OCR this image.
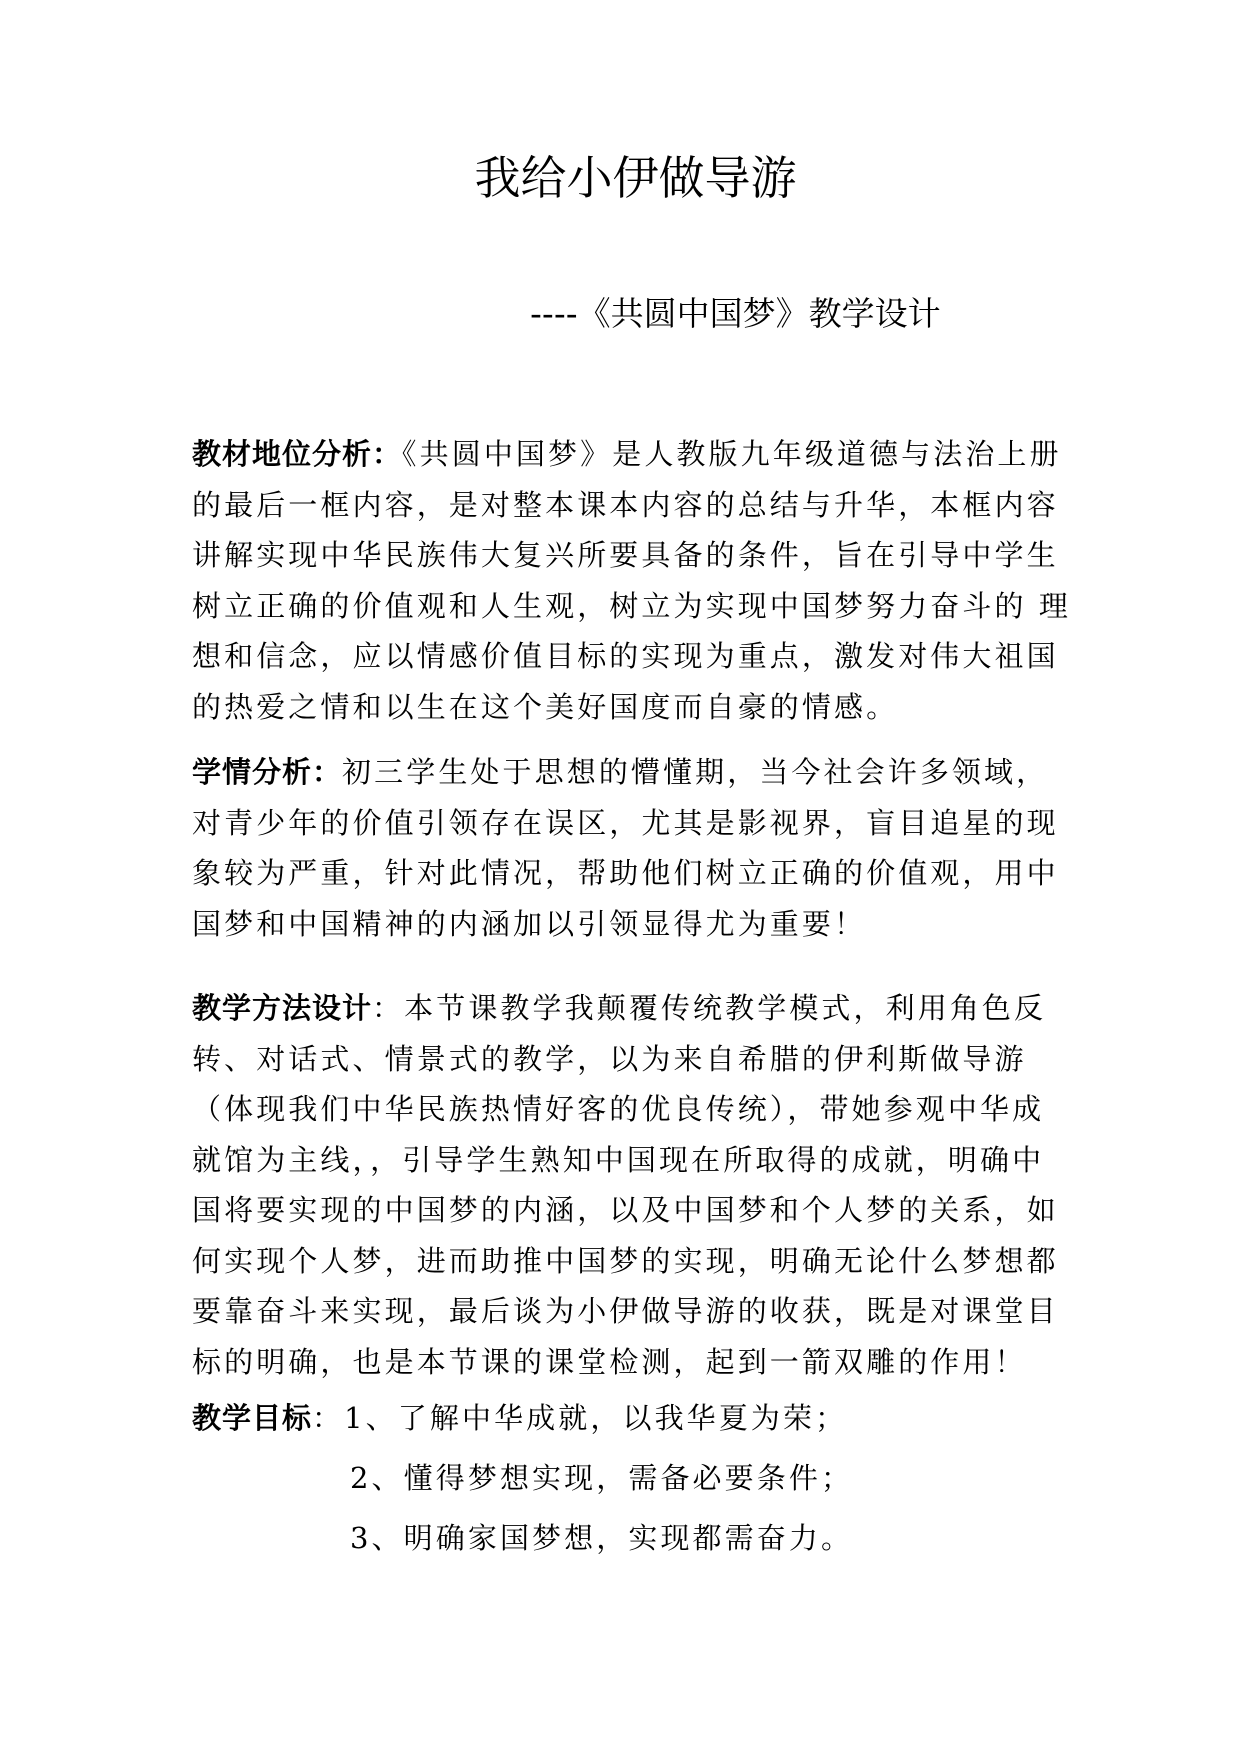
我给小伊做导游

----《共圆中国梦》教学设计

教材地位分析：《共圆中国梦》是人教版九年级道德与法治上册的最后一框内容，是对整本课本内容的总结与升华，本框内容讲解实现中华民族伟大复兴所要具备的条件，旨在引导中学生树立正确的价值观和人生观，树立为实现中国梦努力奋斗的 理想和信念，应以情感价值目标的实现为重点，激发对伟大祖国的热爱之情和以生在这个美好国度而自豪的情感。

学情分析：初三学生处于思想的懵懂期，当今社会许多领域，对青少年的价值引领存在误区，尤其是影视界，盲目追星的现象较为严重，针对此情况，帮助他们树立正确的价值观，用中国梦和中国精神的内涵加以引领显得尤为重要！

教学方法设计：本节课教学我颠覆传统教学模式，利用角色反转、对话式、情景式的教学，以为来自希腊的伊利斯做导游（体现我们中华民族热情好客的优良传统），带她参观中华成就馆为主线，，引导学生熟知中国现在所取得的成就，明确中国将要实现的中国梦的内涵，以及中国梦和个人梦的关系，如何实现个人梦，进而助推中国梦的实现，明确无论什么梦想都要靠奋斗来实现，最后谈为小伊做导游的收获，既是对课堂目标的明确，也是本节课的课堂检测，起到一箭双雕的作用！

教学目标：1、了解中华成就，以我华夏为荣；
2、懂得梦想实现，需备必要条件；
3、明确家国梦想，实现都需奋力。
